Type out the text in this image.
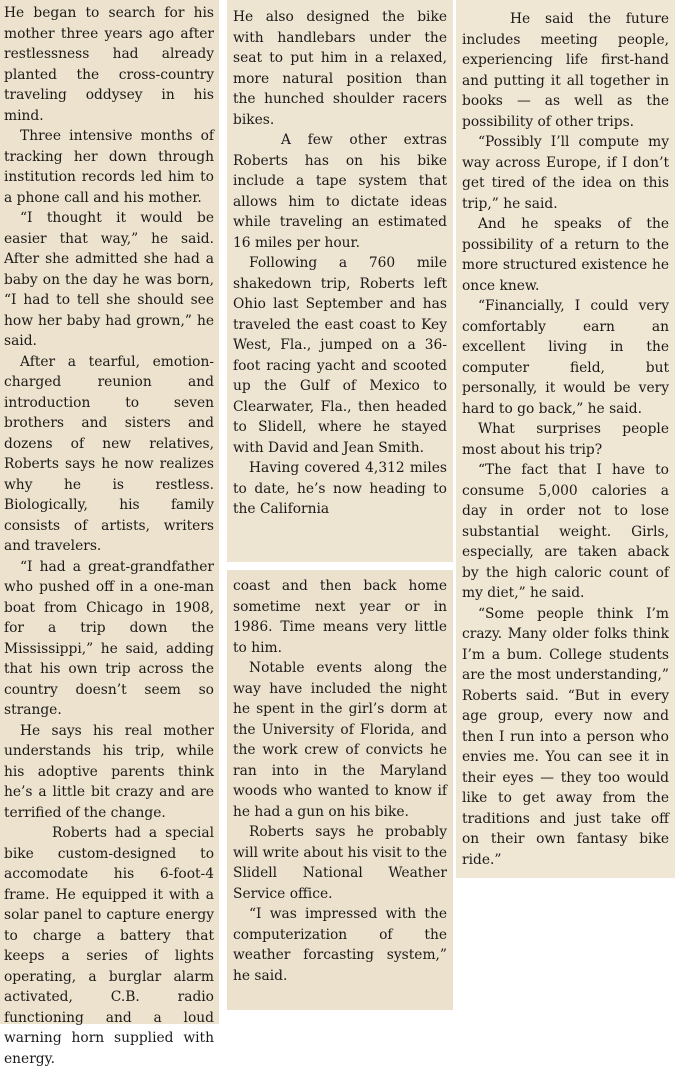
He began to search for his mother three years ago after restlessness had already planted the cross-country traveling oddysey in his mind.

Three intensive months of tracking her down through institution records led him to a phone call and his mother.

“I thought it would be easier that way,” he said. After she admitted she had a baby on the day he was born, “I had to tell she should see how her baby had grown,” he said.

After a tearful, emotion-charged reunion and introduction to seven brothers and sisters and dozens of new relatives, Roberts says he now realizes why he is restless. Biologically, his family consists of artists, writers and travelers.

“I had a great-grandfather who pushed off in a one-man boat from Chicago in 1908, for a trip down the Mississippi,” he said, adding that his own trip across the country doesn’t seem so strange.

He says his real mother understands his trip, while his adoptive parents think he’s a little bit crazy and are terrified of the change.

Roberts had a special bike custom-designed to accomodate his 6-foot-4 frame. He equipped it with a solar panel to capture energy to charge a battery that keeps a series of lights operating, a burglar alarm activated, C.B. radio functioning and a loud warning horn supplied with energy.

He also designed the bike with handlebars under the seat to put him in a relaxed, more natural position than the hunched shoulder racers bikes.

A few other extras Roberts has on his bike include a tape system that allows him to dictate ideas while traveling an estimated 16 miles per hour.

Following a 760 mile shakedown trip, Roberts left Ohio last September and has traveled the east coast to Key West, Fla., jumped on a 36-foot racing yacht and scooted up the Gulf of Mexico to Clearwater, Fla., then headed to Slidell, where he stayed with David and Jean Smith.

Having covered 4,312 miles to date, he’s now heading to the California

coast and then back home sometime next year or in 1986. Time means very little to him.

Notable events along the way have included the night he spent in the girl’s dorm at the University of Florida, and the work crew of convicts he ran into in the Maryland woods who wanted to know if he had a gun on his bike.

Roberts says he probably will write about his visit to the Slidell National Weather Service office.

“I was impressed with the computerization of the weather forcasting system,” he said.

He said the future includes meeting people, experiencing life first-hand and putting it all together in books — as well as the possibility of other trips.

“Possibly I’ll compute my way across Europe, if I don’t get tired of the idea on this trip,” he said.

And he speaks of the possibility of a return to the more structured existence he once knew.

“Financially, I could very comfortably earn an excellent living in the computer field, but personally, it would be very hard to go back,” he said.

What surprises people most about his trip?

“The fact that I have to consume 5,000 calories a day in order not to lose substantial weight. Girls, especially, are taken aback by the high caloric count of my diet,” he said.

“Some people think I’m crazy. Many older folks think I’m a bum. College students are the most understanding,” Roberts said. “But in every age group, every now and then I run into a person who envies me. You can see it in their eyes — they too would like to get away from the traditions and just take off on their own fantasy bike ride.”
